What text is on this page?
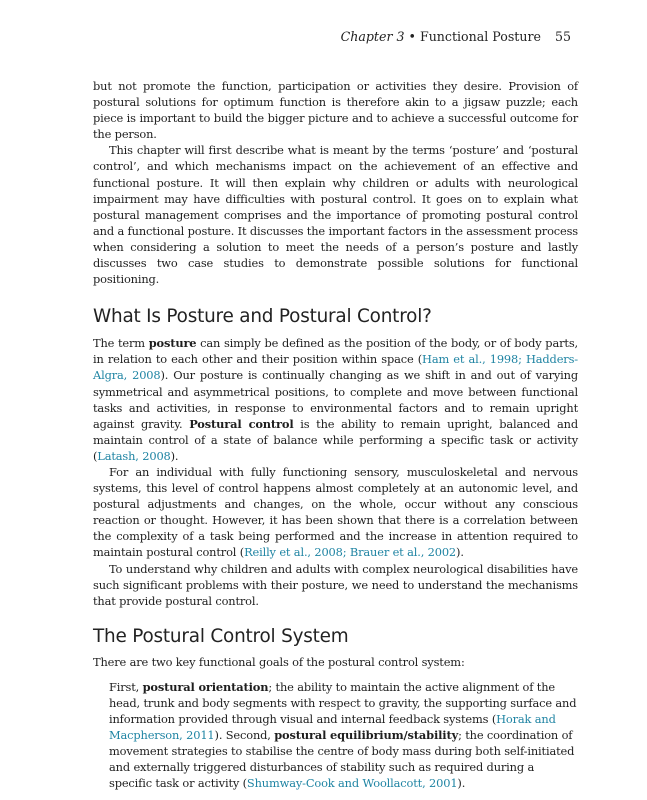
Chapter 3 • Functional Posture 55

but not promote the function, participation or activities they desire. Provision of postural solutions for optimum function is therefore akin to a jigsaw puzzle; each piece is important to build the bigger picture and to achieve a successful outcome for the person.

This chapter will first describe what is meant by the terms ‘posture’ and ‘postural control’, and which mechanisms impact on the achievement of an effective and functional posture. It will then explain why children or adults with neurological impairment may have difficulties with postural control. It goes on to explain what postural management comprises and the importance of promoting postural control and a functional posture. It discusses the important factors in the assessment process when considering a solution to meet the needs of a person’s posture and lastly discusses two case studies to demonstrate possible solutions for functional positioning.

What Is Posture and Postural Control?

The term posture can simply be defined as the position of the body, or of body parts, in relation to each other and their position within space (Ham et al., 1998; Hadders-Algra, 2008). Our posture is continually changing as we shift in and out of varying symmetrical and asymmetrical positions, to complete and move between functional tasks and activities, in response to environmental factors and to remain upright against gravity. Postural control is the ability to remain upright, balanced and maintain control of a state of balance while performing a specific task or activity (Latash, 2008).

For an individual with fully functioning sensory, musculoskeletal and nervous systems, this level of control happens almost completely at an autonomic level, and postural adjustments and changes, on the whole, occur without any conscious reaction or thought. However, it has been shown that there is a correlation between the complexity of a task being performed and the increase in attention required to maintain postural control (Reilly et al., 2008; Brauer et al., 2002).

To understand why children and adults with complex neurological disabilities have such significant problems with their posture, we need to understand the mechanisms that provide postural control.

The Postural Control System

There are two key functional goals of the postural control system:

First, postural orientation; the ability to maintain the active alignment of the head, trunk and body segments with respect to gravity, the supporting surface and information provided through visual and internal feedback systems (Horak and Macpherson, 2011). Second, postural equilibrium/stability; the coordination of movement strategies to stabilise the centre of body mass during both self-initiated and externally triggered disturbances of stability such as required during a specific task or activity (Shumway-Cook and Woollacott, 2001).
